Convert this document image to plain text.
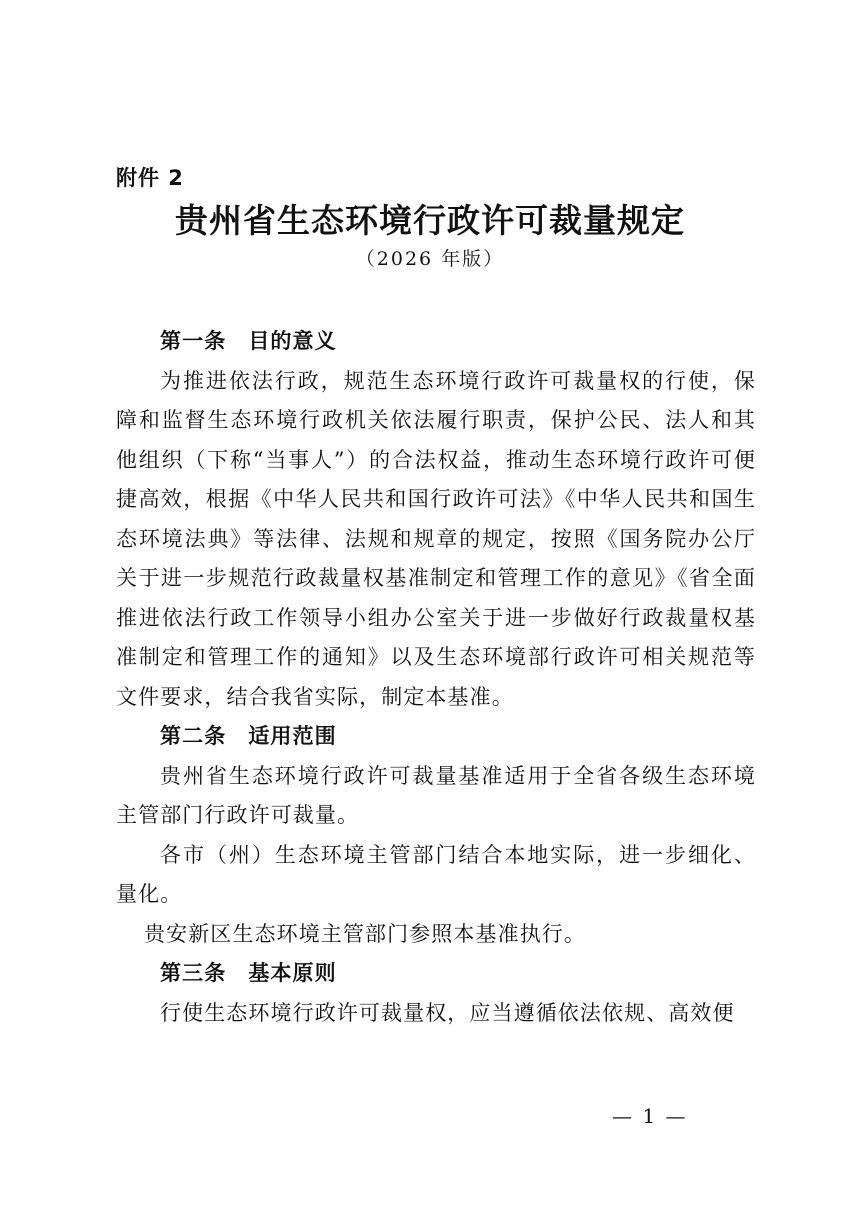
附件 2

贵州省生态环境行政许可裁量规定

（2026 年版）

第一条 目的意义

为推进依法行政，规范生态环境行政许可裁量权的行使，保障和监督生态环境行政机关依法履行职责，保护公民、法人和其他组织（下称“当事人”）的合法权益，推动生态环境行政许可便捷高效，根据《中华人民共和国行政许可法》《中华人民共和国生态环境法典》等法律、法规和规章的规定，按照《国务院办公厅关于进一步规范行政裁量权基准制定和管理工作的意见》《省全面推进依法行政工作领导小组办公室关于进一步做好行政裁量权基准制定和管理工作的通知》以及生态环境部行政许可相关规范等文件要求，结合我省实际，制定本基准。

第二条 适用范围

贵州省生态环境行政许可裁量基准适用于全省各级生态环境主管部门行政许可裁量。

各市（州）生态环境主管部门结合本地实际，进一步细化、量化。

贵安新区生态环境主管部门参照本基准执行。

第三条 基本原则

行使生态环境行政许可裁量权，应当遵循依法依规、高效便

— 1 —
